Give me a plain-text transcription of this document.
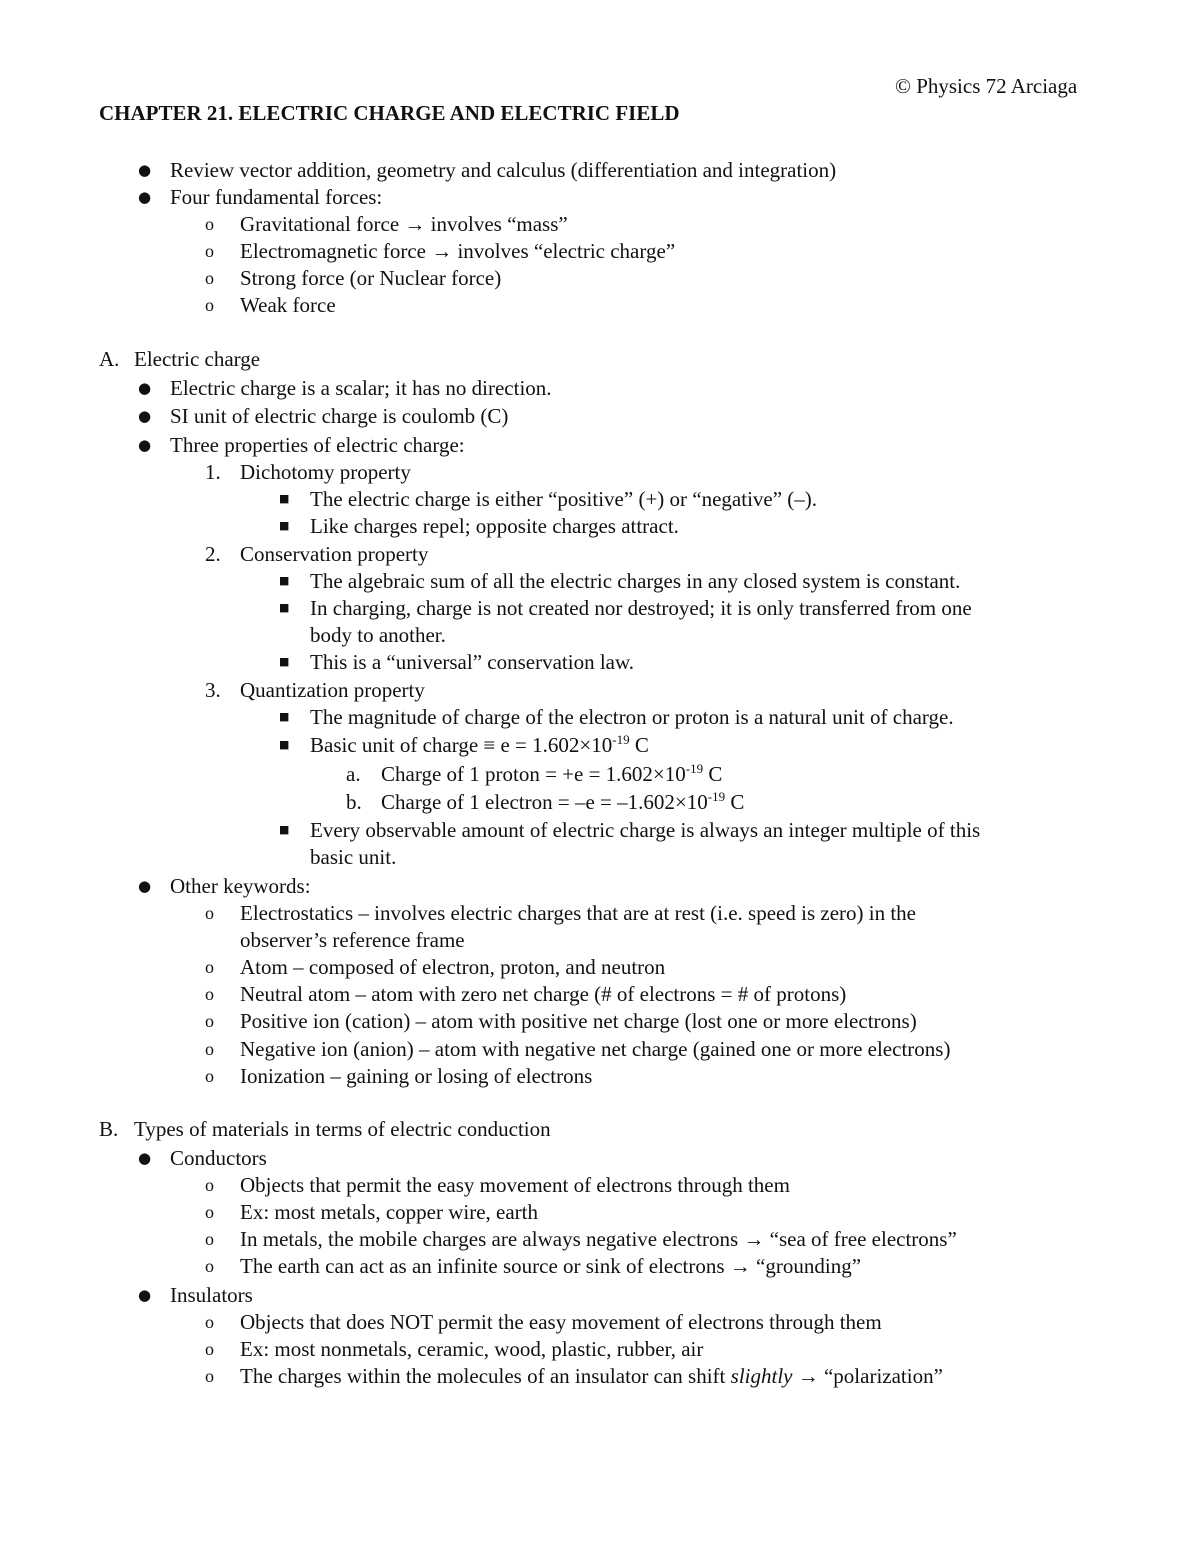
© Physics 72 Arciaga
CHAPTER 21. ELECTRIC CHARGE AND ELECTRIC FIELD
● Review vector addition, geometry and calculus (differentiation and integration)
● Four fundamental forces:
o Gravitational force → involves “mass”
o Electromagnetic force → involves “electric charge”
o Strong force (or Nuclear force)
o Weak force
A. Electric charge
● Electric charge is a scalar; it has no direction.
● SI unit of electric charge is coulomb (C)
● Three properties of electric charge:
1. Dichotomy property
■ The electric charge is either “positive” (+) or “negative” (–).
■ Like charges repel; opposite charges attract.
2. Conservation property
■ The algebraic sum of all the electric charges in any closed system is constant.
■ In charging, charge is not created nor destroyed; it is only transferred from one
body to another.
■ This is a “universal” conservation law.
3. Quantization property
■ The magnitude of charge of the electron or proton is a natural unit of charge.
■ Basic unit of charge ≡ $e = 1.602\times 10^{-19}$ C
a. Charge of 1 proton = $+e = 1.602\times 10^{-19}$ C
b. Charge of 1 electron = $-e = -1.602\times 10^{-19}$ C
■ Every observable amount of electric charge is always an integer multiple of this
basic unit.
● Other keywords:
o Electrostatics – involves electric charges that are at rest (i.e. speed is zero) in the
observer’s reference frame
o Atom – composed of electron, proton, and neutron
o Neutral atom – atom with zero net charge (# of electrons = # of protons)
o Positive ion (cation) – atom with positive net charge (lost one or more electrons)
o Negative ion (anion) – atom with negative net charge (gained one or more electrons)
o Ionization – gaining or losing of electrons
B. Types of materials in terms of electric conduction
● Conductors
o Objects that permit the easy movement of electrons through them
o Ex: most metals, copper wire, earth
o In metals, the mobile charges are always negative electrons → “sea of free electrons”
o The earth can act as an infinite source or sink of electrons → “grounding”
● Insulators
o Objects that does NOT permit the easy movement of electrons through them
o Ex: most nonmetals, ceramic, wood, plastic, rubber, air
o The charges within the molecules of an insulator can shift slightly → “polarization”
